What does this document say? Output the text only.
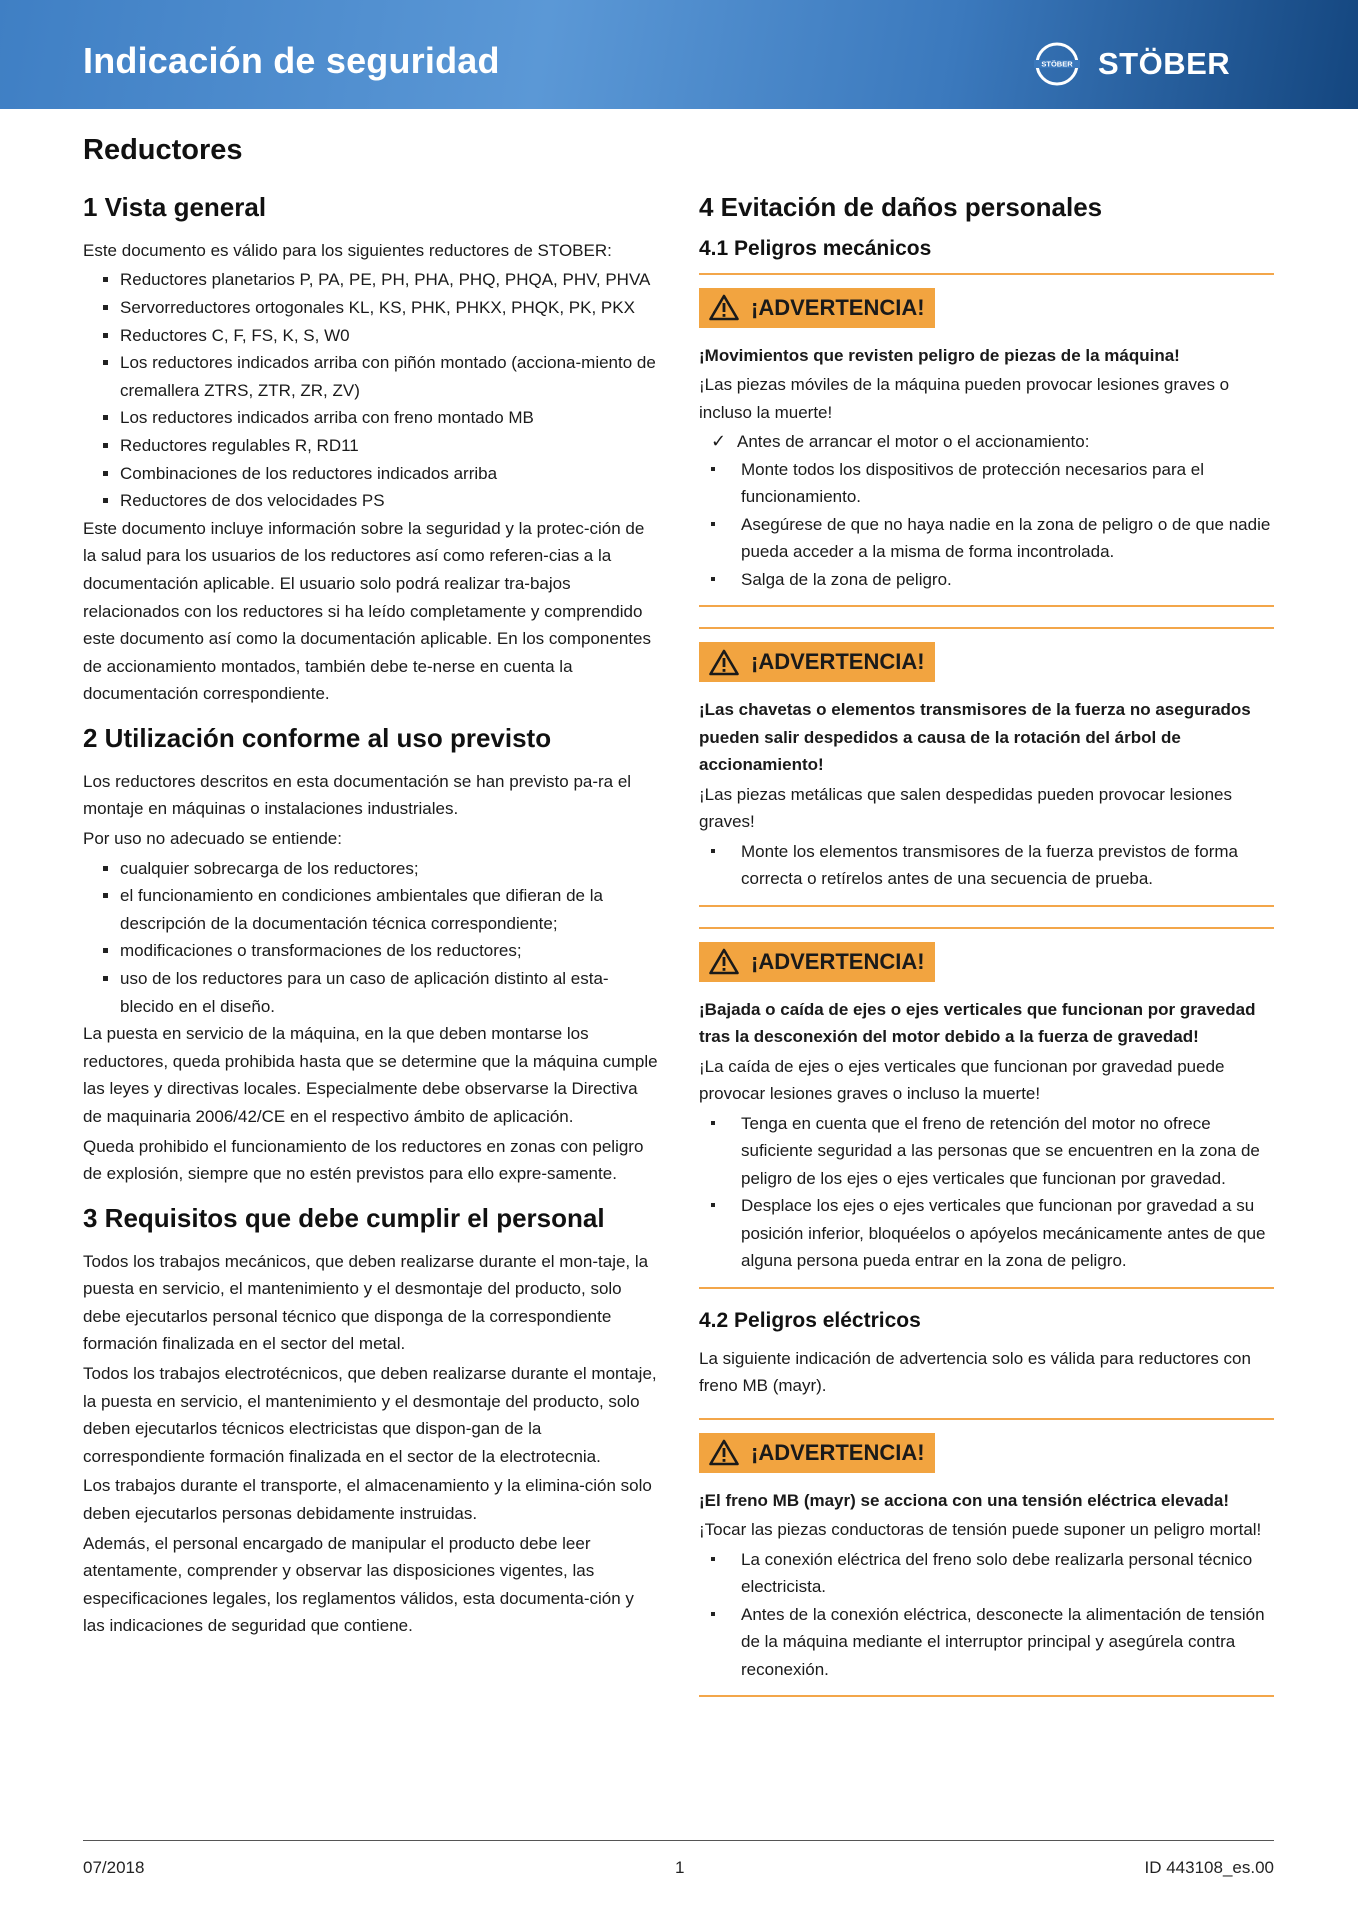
Indicación de seguridad	STÖBER STÖBER
Reductores
1 Vista general

Este documento es válido para los siguientes reductores de STOBER:

Reductores planetarios P, PA, PE, PH, PHA, PHQ, PHQA, PHV, PHVA
Servorreductores ortogonales KL, KS, PHK, PHKX, PHQK, PK, PKX
Reductores C, F, FS, K, S, W0
Los reductores indicados arriba con piñón montado (acciona-miento de cremallera ZTRS, ZTR, ZR, ZV)
Los reductores indicados arriba con freno montado MB
Reductores regulables R, RD11
Combinaciones de los reductores indicados arriba
Reductores de dos velocidades PS

Este documento incluye información sobre la seguridad y la protec-ción de la salud para los usuarios de los reductores así como referen-cias a la documentación aplicable. El usuario solo podrá realizar tra-bajos relacionados con los reductores si ha leído completamente y comprendido este documento así como la documentación aplicable. En los componentes de accionamiento montados, también debe te-nerse en cuenta la documentación correspondiente.

2 Utilización conforme al uso previsto

Los reductores descritos en esta documentación se han previsto pa-ra el montaje en máquinas o instalaciones industriales.

Por uso no adecuado se entiende:

cualquier sobrecarga de los reductores;
el funcionamiento en condiciones ambientales que difieran de la descripción de la documentación técnica correspondiente;
modificaciones o transformaciones de los reductores;
uso de los reductores para un caso de aplicación distinto al esta-blecido en el diseño.

La puesta en servicio de la máquina, en la que deben montarse los reductores, queda prohibida hasta que se determine que la máquina cumple las leyes y directivas locales. Especialmente debe observarse la Directiva de maquinaria 2006/42/CE en el respectivo ámbito de aplicación.

Queda prohibido el funcionamiento de los reductores en zonas con peligro de explosión, siempre que no estén previstos para ello expre-samente.

3 Requisitos que debe cumplir el personal

Todos los trabajos mecánicos, que deben realizarse durante el mon-taje, la puesta en servicio, el mantenimiento y el desmontaje del producto, solo debe ejecutarlos personal técnico que disponga de la correspondiente formación finalizada en el sector del metal.

Todos los trabajos electrotécnicos, que deben realizarse durante el montaje, la puesta en servicio, el mantenimiento y el desmontaje del producto, solo deben ejecutarlos técnicos electricistas que dispon-gan de la correspondiente formación finalizada en el sector de la electrotecnia.

Los trabajos durante el transporte, el almacenamiento y la elimina-ción solo deben ejecutarlos personas debidamente instruidas.

Además, el personal encargado de manipular el producto debe leer atentamente, comprender y observar las disposiciones vigentes, las especificaciones legales, los reglamentos válidos, esta documenta-ción y las indicaciones de seguridad que contiene.

4 Evitación de daños personales
4.1 Peligros mecánicos
¡ADVERTENCIA!

¡Movimientos que revisten peligro de piezas de la máquina!

¡Las piezas móviles de la máquina pueden provocar lesiones graves o incluso la muerte!

✓ Antes de arrancar el motor o el accionamiento:
Monte todos los dispositivos de protección necesarios para el funcionamiento.
Asegúrese de que no haya nadie en la zona de peligro o de que nadie pueda acceder a la misma de forma incontrolada.
Salga de la zona de peligro.
¡ADVERTENCIA!

¡Las chavetas o elementos transmisores de la fuerza no asegurados pueden salir despedidos a causa de la rotación del árbol de accionamiento!

¡Las piezas metálicas que salen despedidas pueden provocar lesiones graves!

Monte los elementos transmisores de la fuerza previstos de forma correcta o retírelos antes de una secuencia de prueba.
¡ADVERTENCIA!

¡Bajada o caída de ejes o ejes verticales que funcionan por gravedad tras la desconexión del motor debido a la fuerza de gravedad!

¡La caída de ejes o ejes verticales que funcionan por gravedad puede provocar lesiones graves o incluso la muerte!

Tenga en cuenta que el freno de retención del motor no ofrece suficiente seguridad a las personas que se encuentren en la zona de peligro de los ejes o ejes verticales que funcionan por gravedad.
Desplace los ejes o ejes verticales que funcionan por gravedad a su posición inferior, bloquéelos o apóyelos mecánicamente antes de que alguna persona pueda entrar en la zona de peligro.
4.2 Peligros eléctricos

La siguiente indicación de advertencia solo es válida para reductores con freno MB (mayr).

¡ADVERTENCIA!

¡El freno MB (mayr) se acciona con una tensión eléctrica elevada!

¡Tocar las piezas conductoras de tensión puede suponer un peligro mortal!

La conexión eléctrica del freno solo debe realizarla personal técnico electricista.
Antes de la conexión eléctrica, desconecte la alimentación de tensión de la máquina mediante el interruptor principal y asegúrela contra reconexión.
07/2018	1	ID 443108_es.00
